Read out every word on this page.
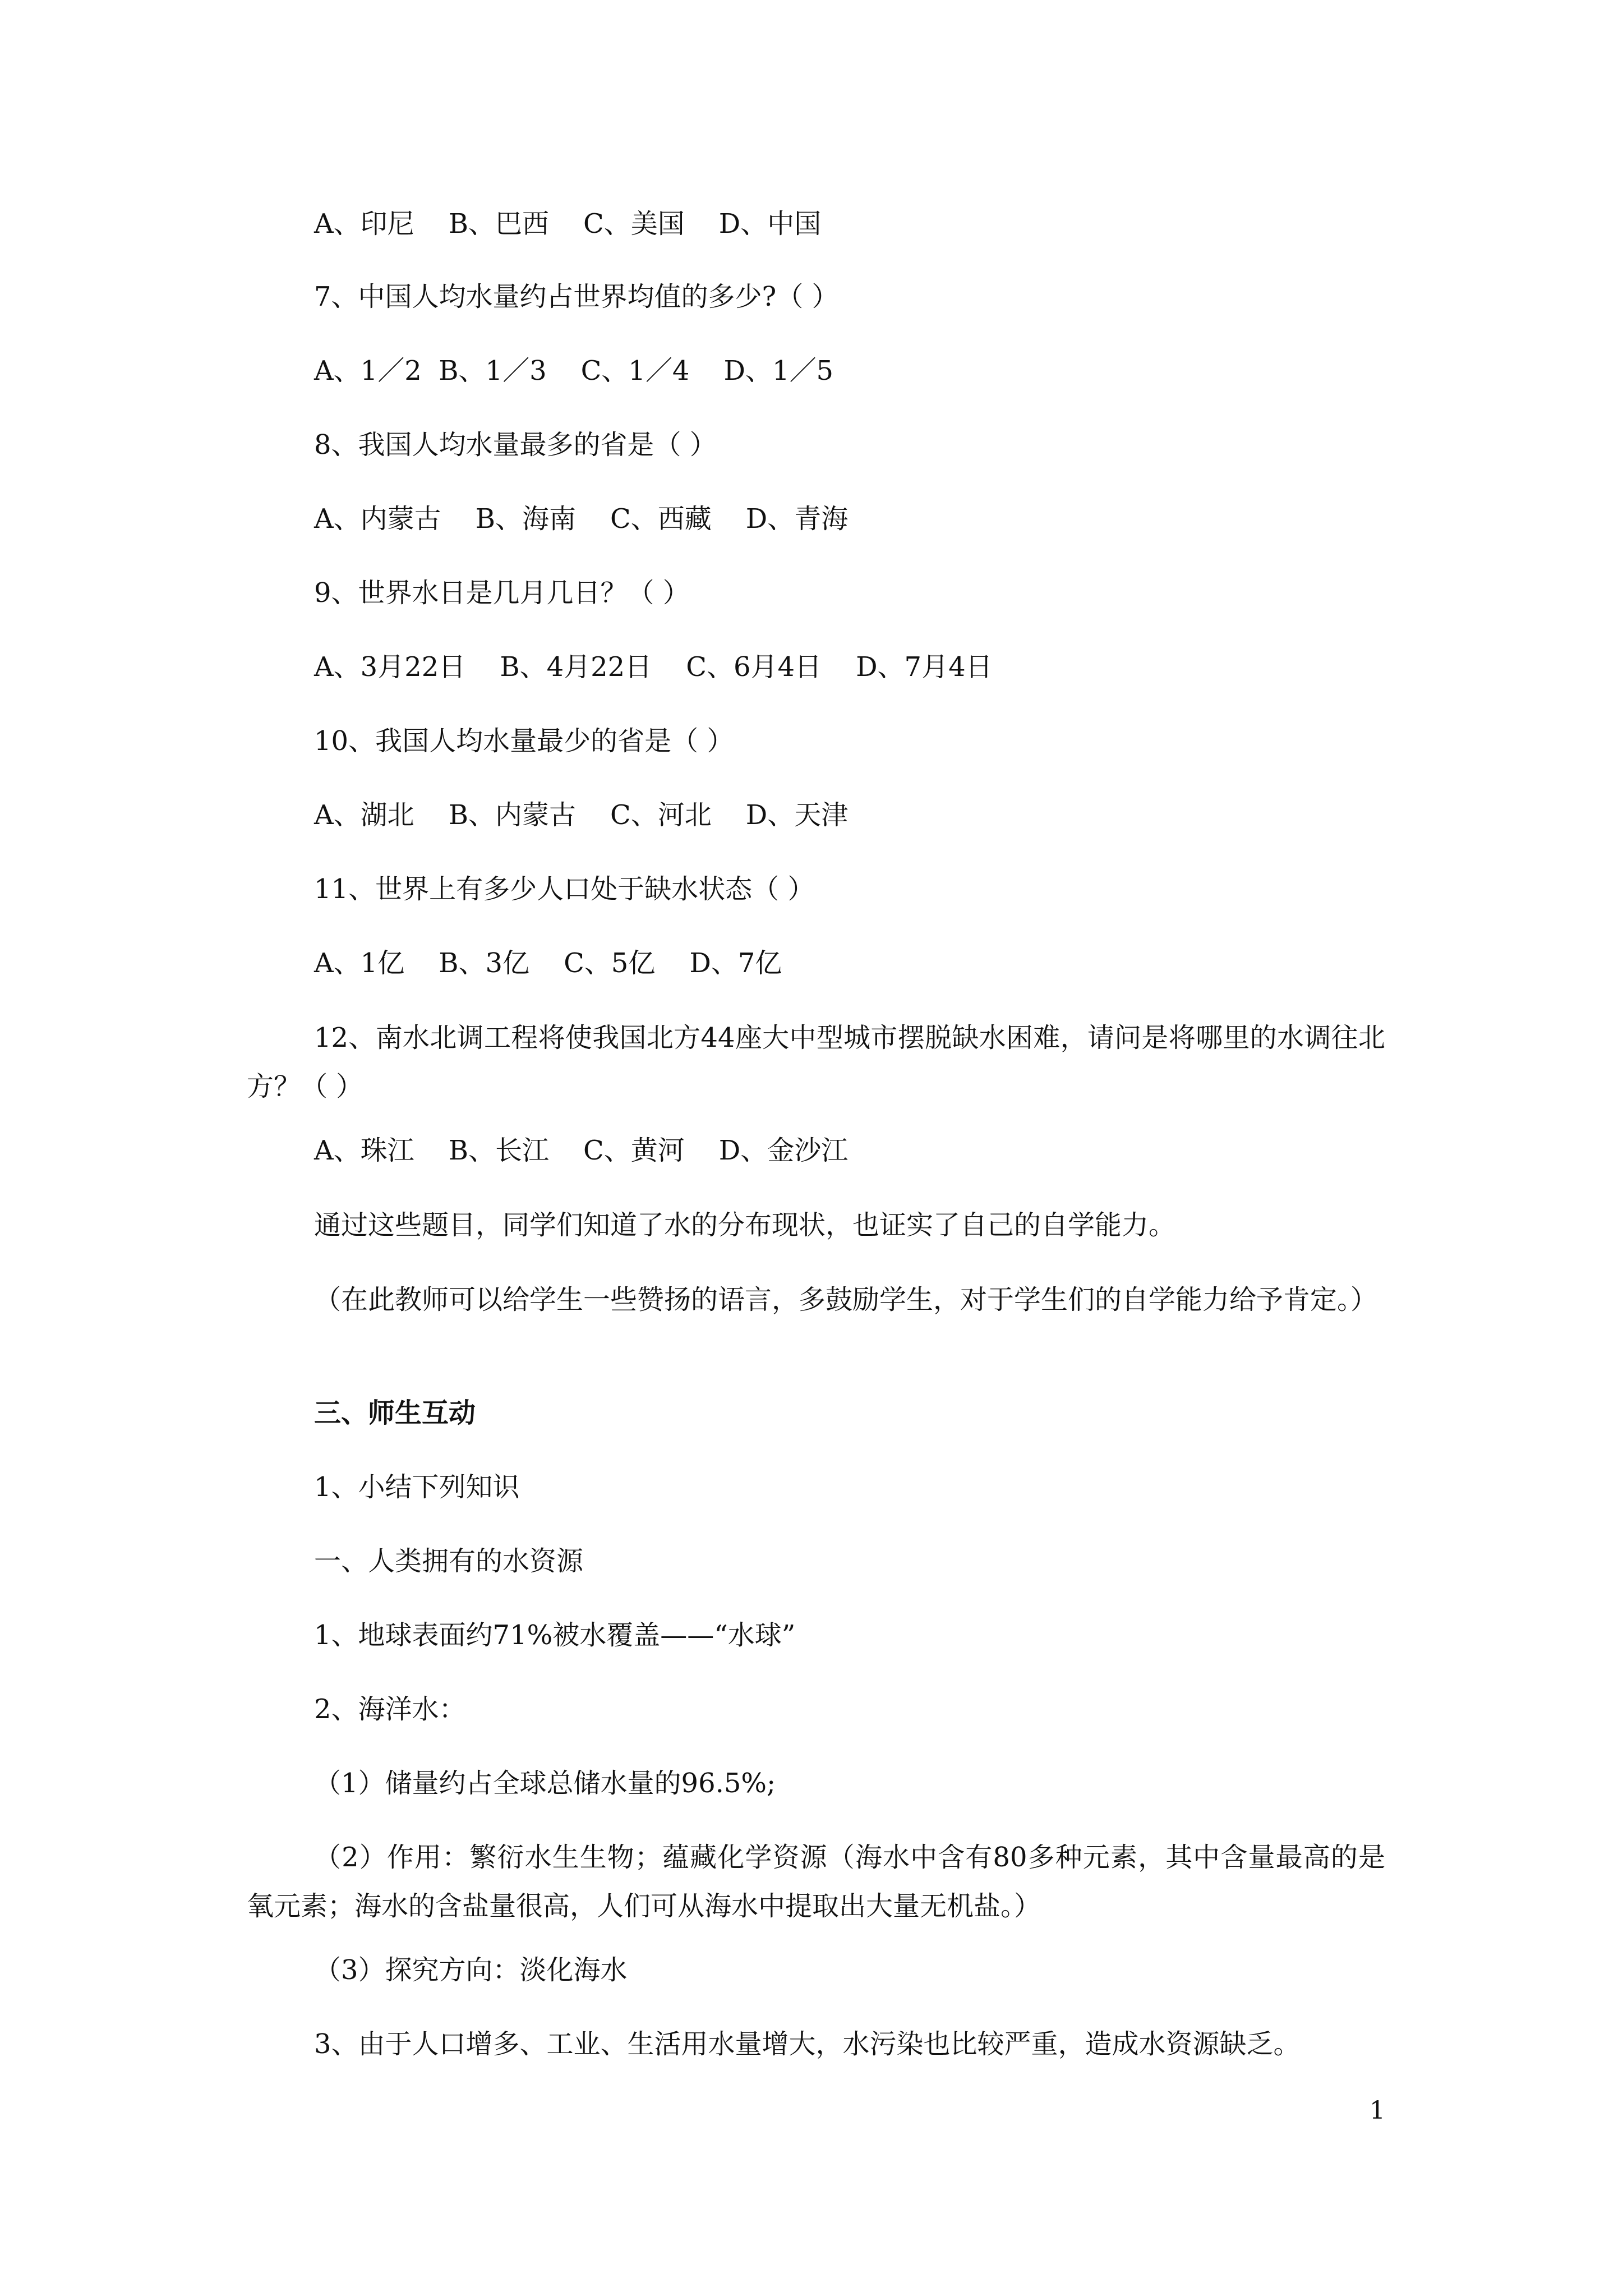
A、印尼    B、巴西    C、美国    D、中国
7、中国人均水量约占世界均值的多少?（ ）
A、1／2  B、1／3    C、1／4    D、1／5
8、我国人均水量最多的省是（ ）
A、内蒙古    B、海南    C、西藏    D、青海
9、世界水日是几月几日？（ ）
A、3月22日    B、4月22日    C、6月4日    D、7月4日
10、我国人均水量最少的省是（ ）
A、湖北    B、内蒙古    C、河北    D、天津
11、世界上有多少人口处于缺水状态（ ）
A、1亿    B、3亿    C、5亿    D、7亿
12、南水北调工程将使我国北方44座大中型城市摆脱缺水困难，请问是将哪里的水调往北方？（ ）
A、珠江    B、长江    C、黄河    D、金沙江
通过这些题目，同学们知道了水的分布现状，也证实了自己的自学能力。
（在此教师可以给学生一些赞扬的语言，多鼓励学生，对于学生们的自学能力给予肯定。）
三、师生互动
1、小结下列知识
一、人类拥有的水资源
1、地球表面约71%被水覆盖——“水球”
2、海洋水：
（1）储量约占全球总储水量的96.5%;
（2）作用：繁衍水生生物；蕴藏化学资源（海水中含有80多种元素，其中含量最高的是氧元素；海水的含盐量很高，人们可从海水中提取出大量无机盐。）
（3）探究方向：淡化海水
3、由于人口增多、工业、生活用水量增大，水污染也比较严重，造成水资源缺乏。
1
